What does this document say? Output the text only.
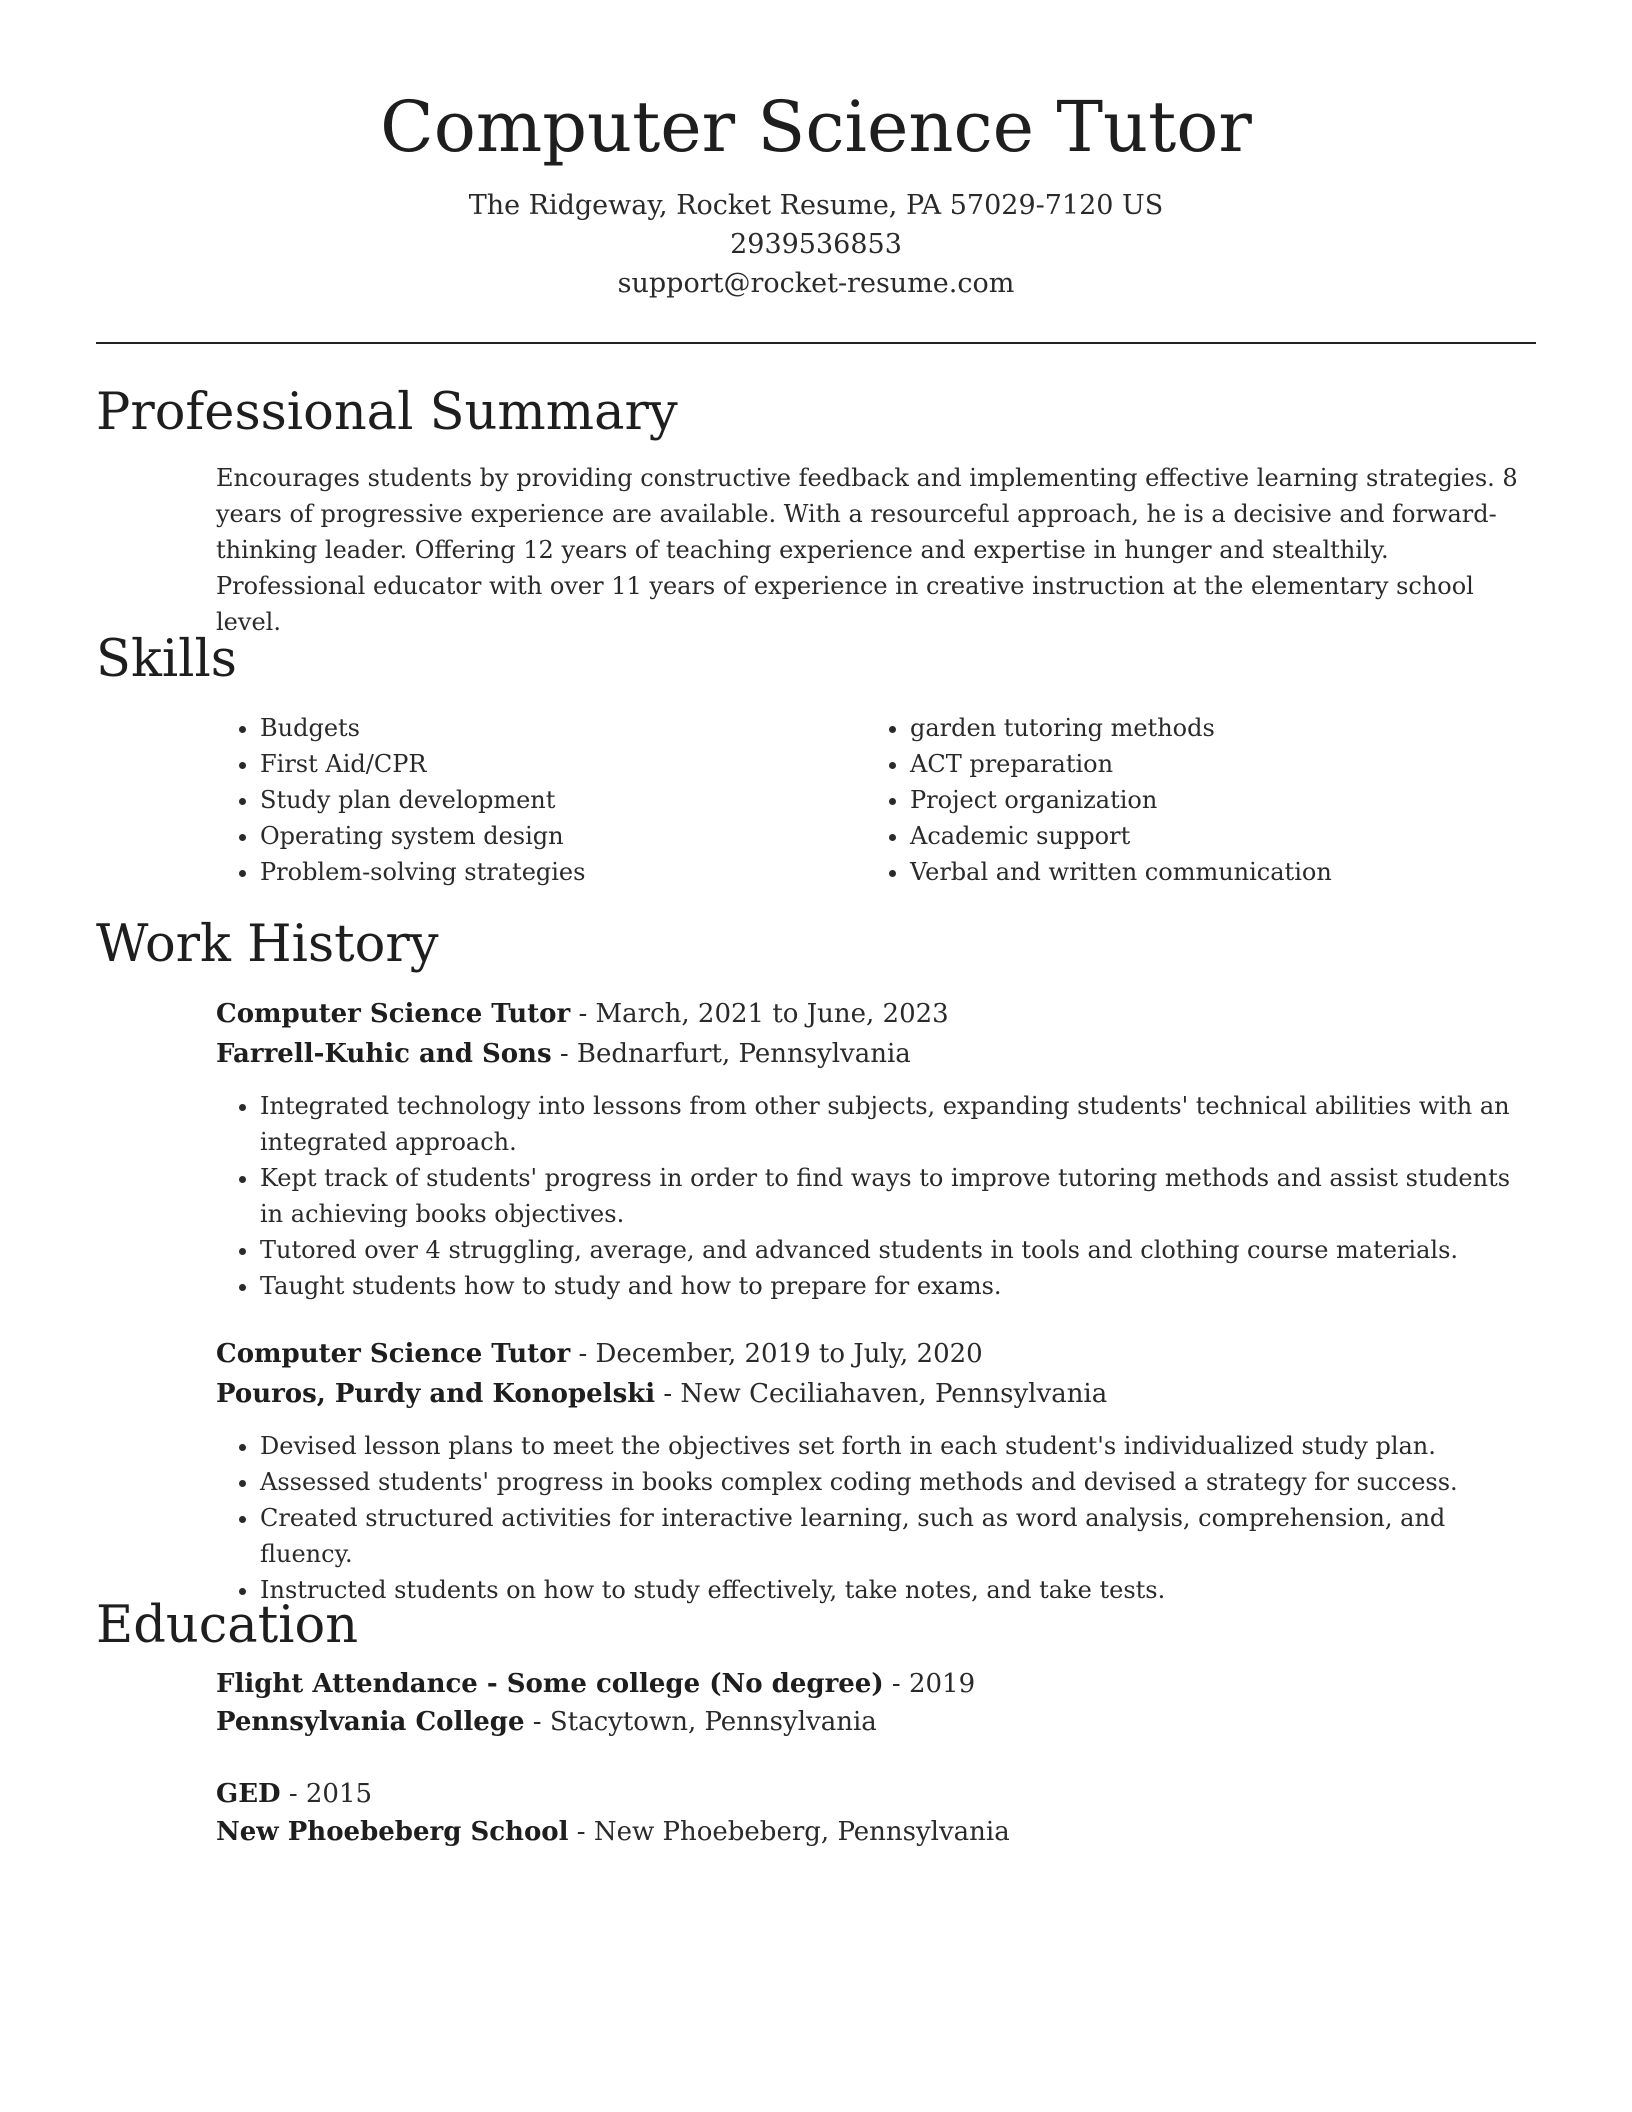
Computer Science Tutor
The Ridgeway, Rocket Resume, PA 57029-7120 US
2939536853
support@rocket-resume.com
Professional Summary

Encourages students by providing constructive feedback and implementing effective learning strategies. 8 years of progressive experience are available. With a resourceful approach, he is a decisive and forward-thinking leader. Offering 12 years of teaching experience and expertise in hunger and stealthily. Professional educator with over 11 years of experience in creative instruction at the elementary school level.

Skills
• Budgets
• First Aid/CPR
• Study plan development
• Operating system design
• Problem-solving strategies
• garden tutoring methods
• ACT preparation
• Project organization
• Academic support
• Verbal and written communication
Work History
Computer Science Tutor - March, 2021 to June, 2023
Farrell-Kuhic and Sons - Bednarfurt, Pennsylvania
• Integrated technology into lessons from other subjects, expanding students' technical abilities with an integrated approach.
• Kept track of students' progress in order to find ways to improve tutoring methods and assist students in achieving books objectives.
• Tutored over 4 struggling, average, and advanced students in tools and clothing course materials.
• Taught students how to study and how to prepare for exams.
Computer Science Tutor - December, 2019 to July, 2020
Pouros, Purdy and Konopelski - New Ceciliahaven, Pennsylvania
• Devised lesson plans to meet the objectives set forth in each student's individualized study plan.
• Assessed students' progress in books complex coding methods and devised a strategy for success.
• Created structured activities for interactive learning, such as word analysis, comprehension, and fluency.
• Instructed students on how to study effectively, take notes, and take tests.
Education
Flight Attendance - Some college (No degree) - 2019
Pennsylvania College - Stacytown, Pennsylvania
GED - 2015
New Phoebeberg School - New Phoebeberg, Pennsylvania
